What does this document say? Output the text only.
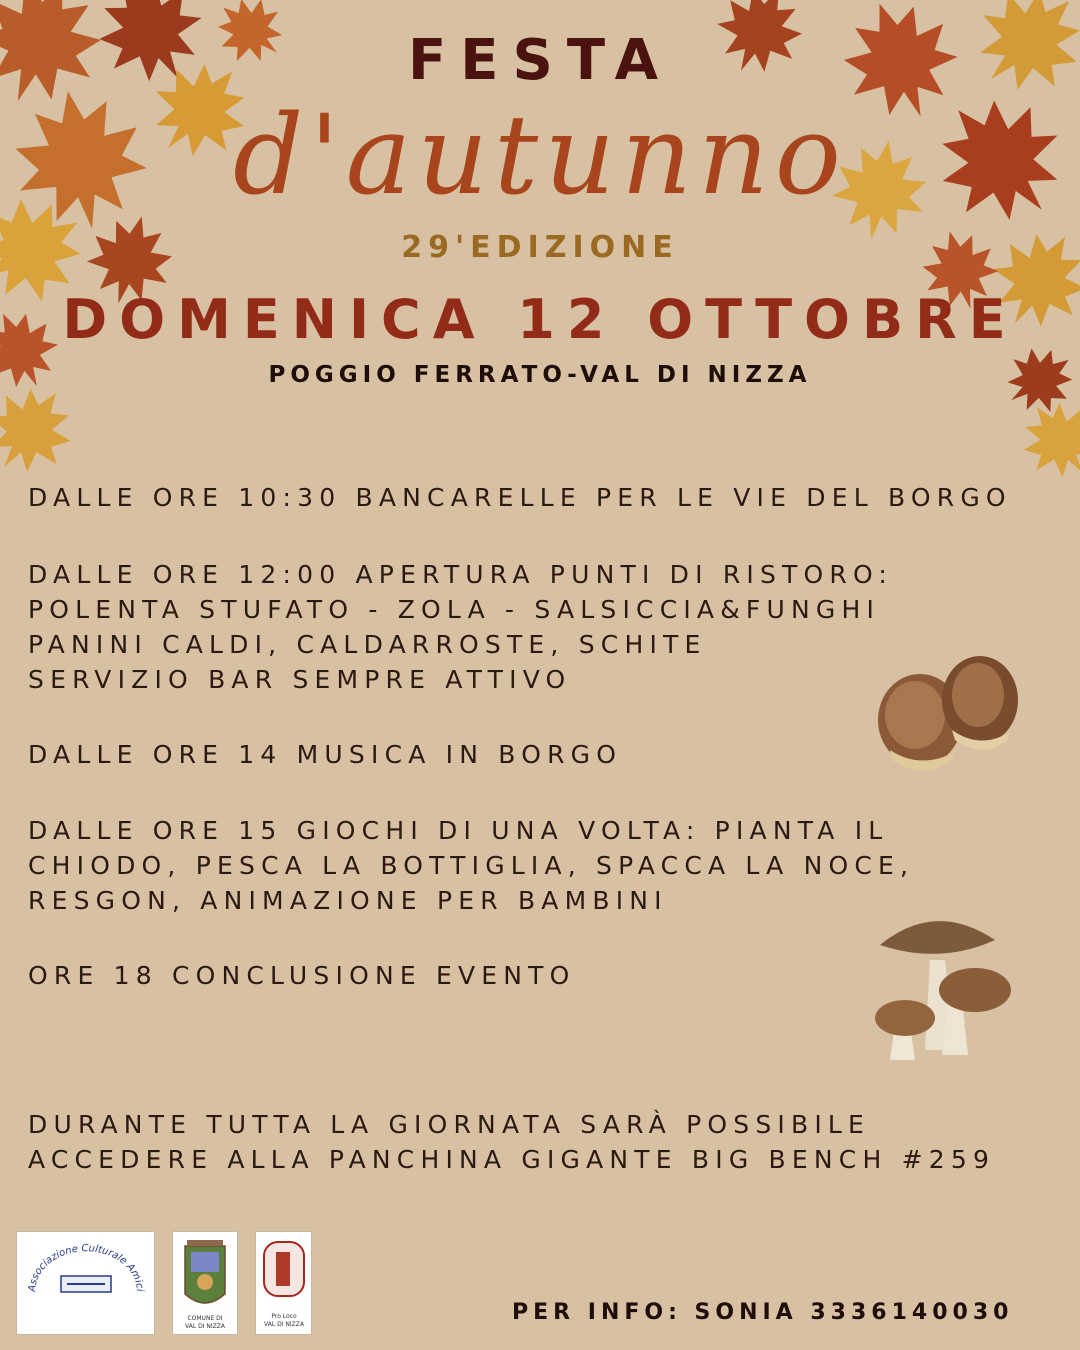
FESTA
d'autunno
29'EDIZIONE
DOMENICA 12 OTTOBRE
POGGIO FERRATO-VAL DI NIZZA
DALLE ORE 10:30 BANCARELLE PER LE VIE DEL BORGO
DALLE ORE 12:00 APERTURA PUNTI DI RISTORO:
POLENTA STUFATO - ZOLA - SALSICCIA&FUNGHI
PANINI CALDI, CALDARROSTE, SCHITE
SERVIZIO BAR SEMPRE ATTIVO
DALLE ORE 14 MUSICA IN BORGO
DALLE ORE 15 GIOCHI DI UNA VOLTA: PIANTA IL
CHIODO, PESCA LA BOTTIGLIA, SPACCA LA NOCE,
RESGON, ANIMAZIONE PER BAMBINI
ORE 18 CONCLUSIONE EVENTO
DURANTE TUTTA LA GIORNATA SARÀ POSSIBILE
ACCEDERE ALLA PANCHINA GIGANTE BIG BENCH #259
Associazione Culturale Amici
COMUNE DI
VAL DI NIZZA
Pro Loco
VAL DI NIZZA	PER INFO: SONIA 3336140030
